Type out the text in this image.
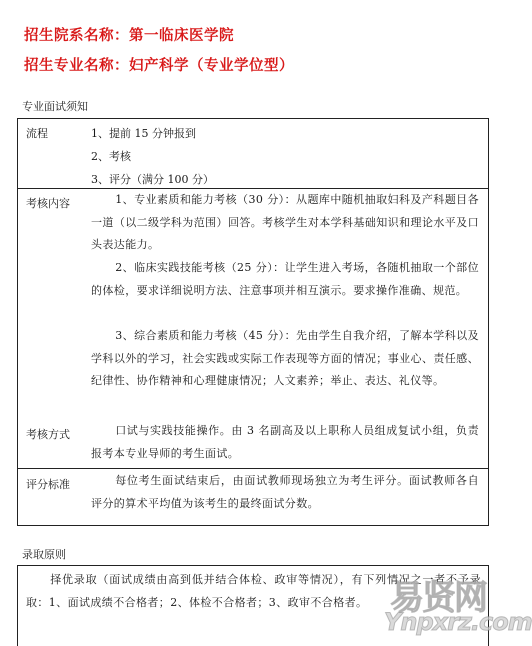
招生院系名称：第一临床医学院
招生专业名称：妇产科学（专业学位型）
专业面试须知
流程	1、提前 15 分钟报到
2、考核
3、评分（满分 100 分）
考核内容	1、专业素质和能力考核（30 分）：从题库中随机抽取妇科及产科题目各一道（以二级学科为范围）回答。考核学生对本学科基础知识和理论水平及口头表达能力。
2、临床实践技能考核（25 分）：让学生进入考场，各随机抽取一个部位的体检，要求详细说明方法、注意事项并相互演示。要求操作准确、规范。
3、综合素质和能力考核（45 分）：先由学生自我介绍，了解本学科以及学科以外的学习，社会实践或实际工作表现等方面的情况；事业心、责任感、纪律性、协作精神和心理健康情况；人文素养；举止、表达、礼仪等。
考核方式	口试与实践技能操作。由 3 名副高及以上职称人员组成复试小组，负责报考本专业导师的考生面试。
评分标准	每位考生面试结束后，由面试教师现场独立为考生评分。面试教师各自评分的算术平均值为该考生的最终面试分数。
录取原则
择优录取（面试成绩由高到低并结合体检、政审等情况），有下列情况之一者不予录取：1、面试成绩不合格者；2、体检不合格者；3、政审不合格者。 易贤网
Ynpxrz.com
